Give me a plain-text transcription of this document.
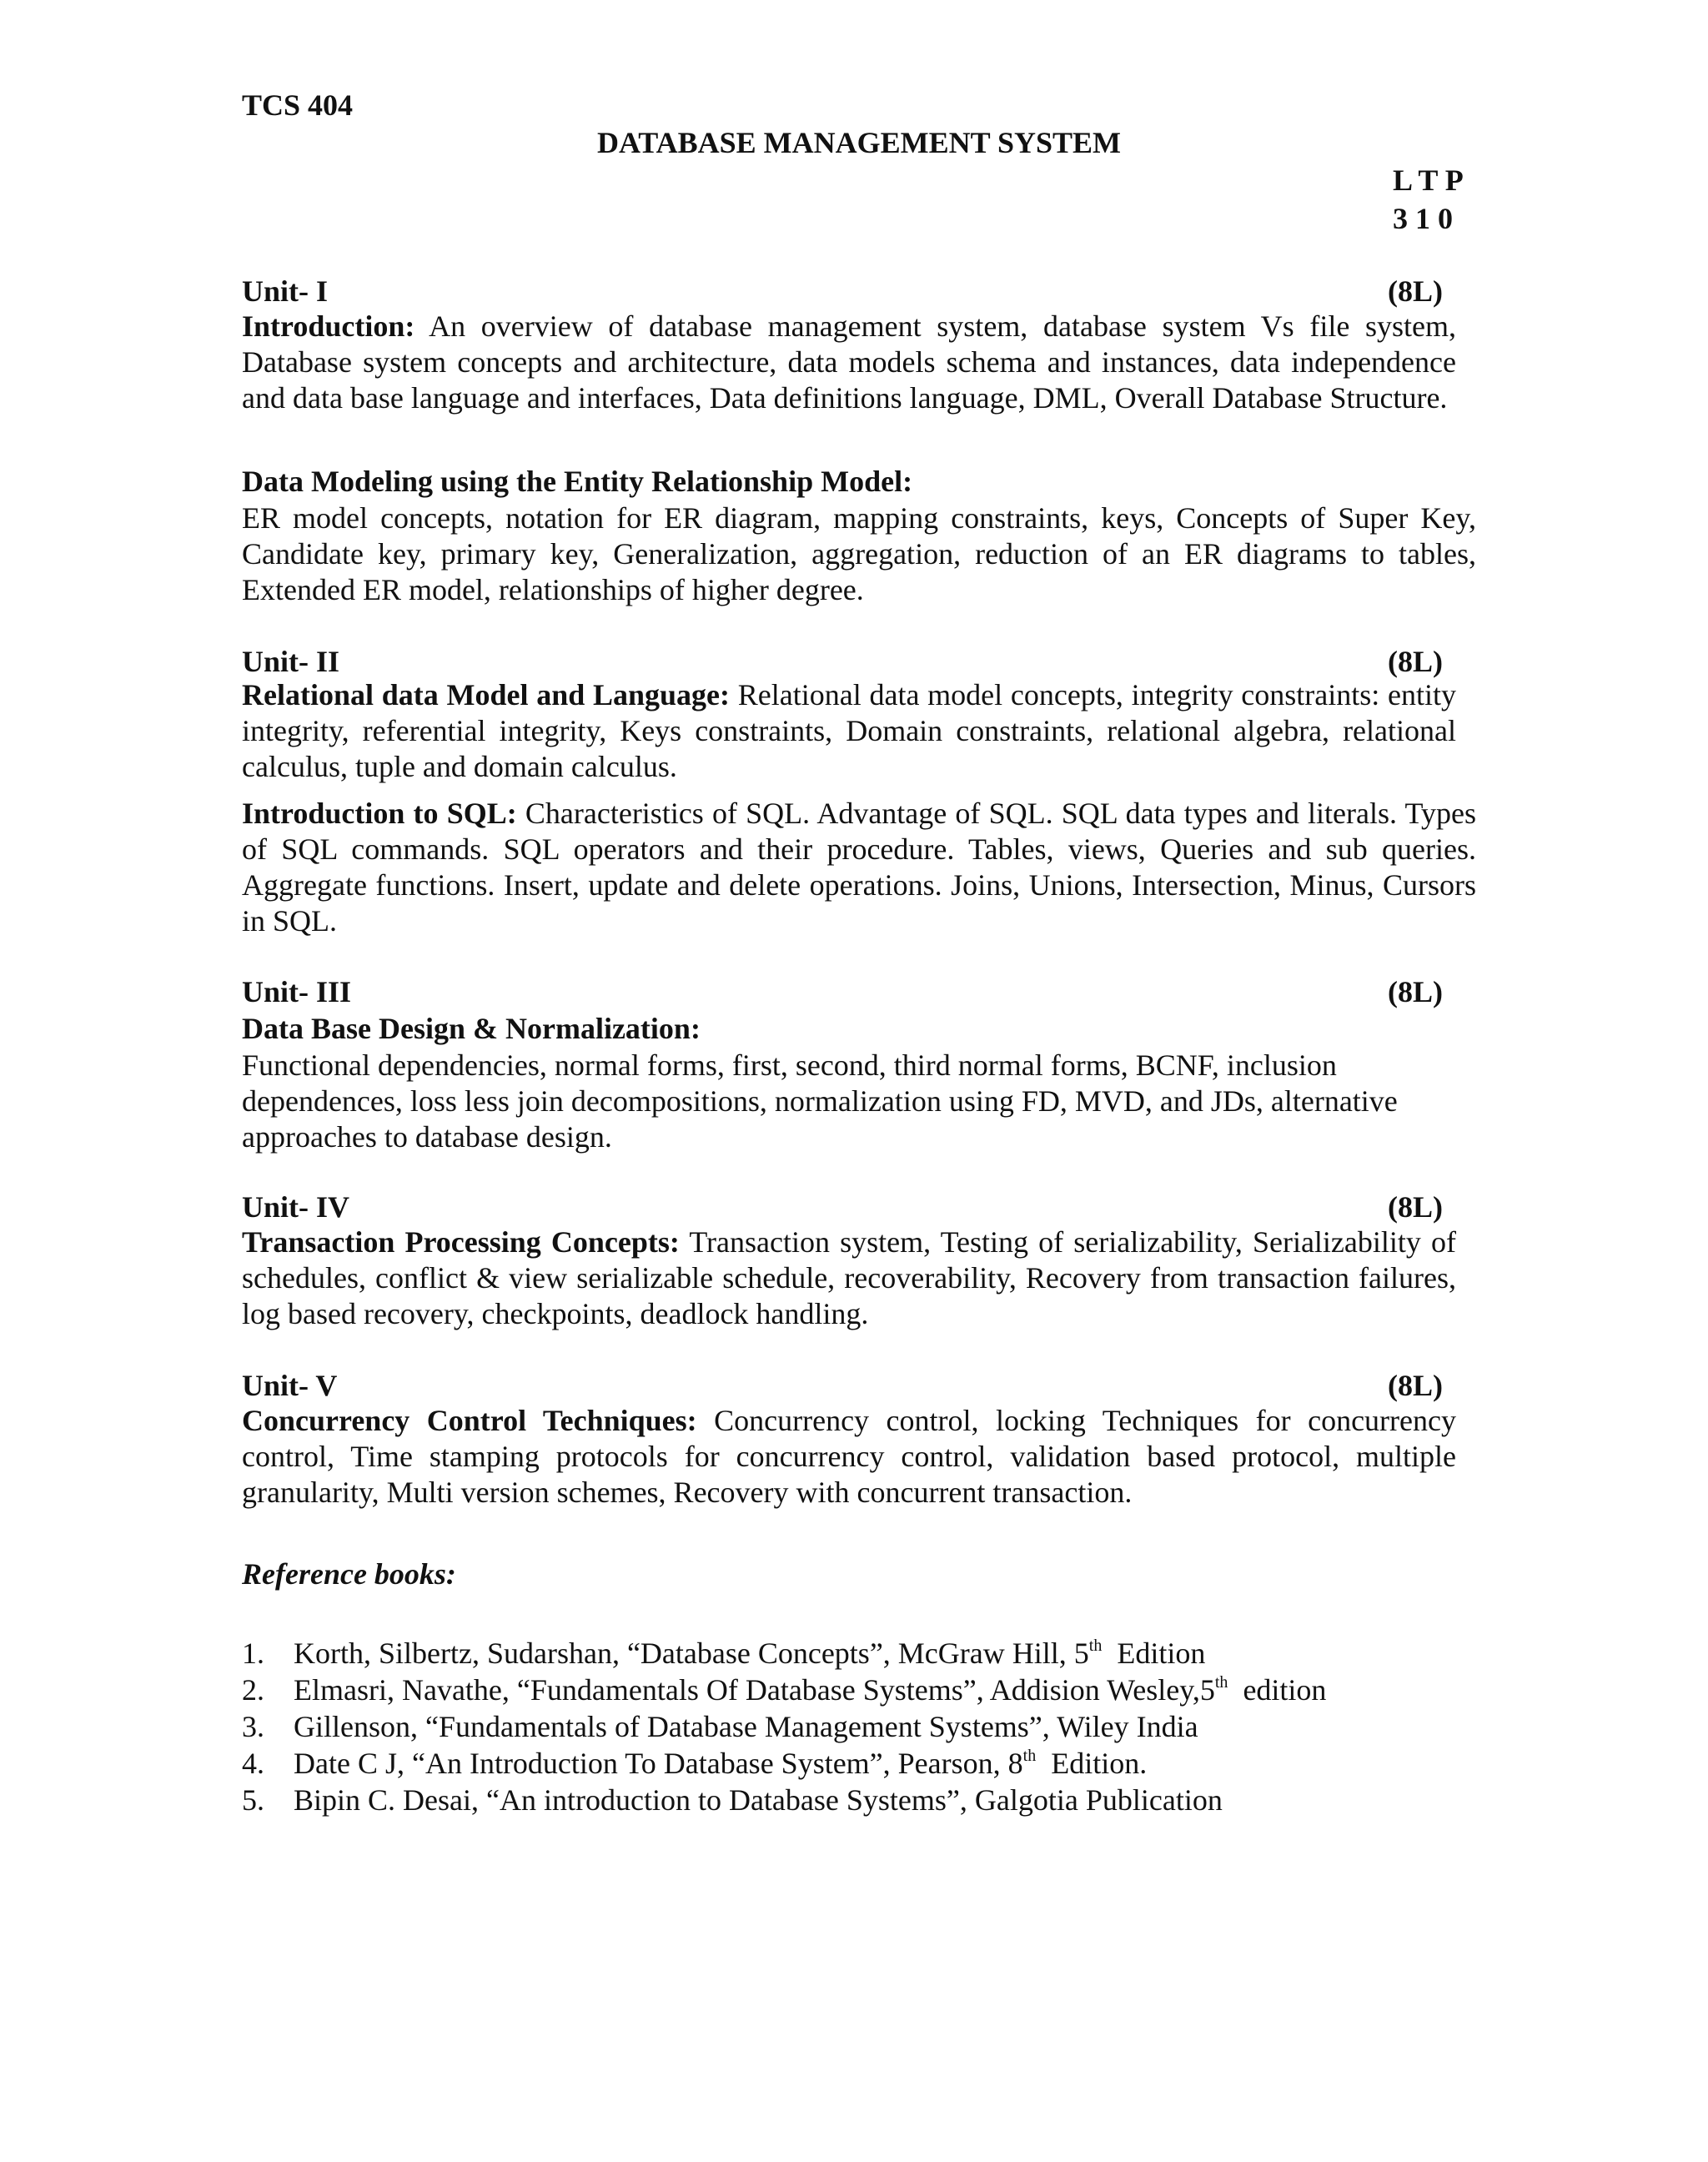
TCS 404
DATABASE MANAGEMENT SYSTEM
L T P
3 1 0
Unit- I	(8L)
Introduction: An overview of database management system, database system Vs file system, Database system concepts and architecture, data models schema and instances, data independence and data base language and interfaces, Data definitions language, DML, Overall Database Structure.
Data Modeling using the Entity Relationship Model:
ER model concepts, notation for ER diagram, mapping constraints, keys, Concepts of Super Key, Candidate key, primary key, Generalization, aggregation, reduction of an ER diagrams to tables, Extended ER model, relationships of higher degree.
Unit- II	(8L)
Relational data Model and Language: Relational data model concepts, integrity constraints: entity integrity, referential integrity, Keys constraints, Domain constraints, relational algebra, relational calculus, tuple and domain calculus.
Introduction to SQL: Characteristics of SQL. Advantage of SQL. SQL data types and literals. Types of SQL commands. SQL operators and their procedure. Tables, views, Queries and sub queries. Aggregate functions. Insert, update and delete operations. Joins, Unions, Intersection, Minus, Cursors in SQL.
Unit- III	(8L)
Data Base Design & Normalization:
Functional dependencies, normal forms, first, second, third normal forms, BCNF, inclusion dependences, loss less join decompositions, normalization using FD, MVD, and JDs, alternative approaches to database design.
Unit- IV	(8L)
Transaction Processing Concepts: Transaction system, Testing of serializability, Serializability of schedules, conflict & view serializable schedule, recoverability, Recovery from transaction failures, log based recovery, checkpoints, deadlock handling.
Unit- V	(8L)
Concurrency Control Techniques: Concurrency control, locking Techniques for concurrency control, Time stamping protocols for concurrency control, validation based protocol, multiple granularity, Multi version schemes, Recovery with concurrent transaction.
Reference books:
1. Korth, Silbertz, Sudarshan, “Database Concepts”, McGraw Hill, 5th  Edition
2. Elmasri, Navathe, “Fundamentals Of Database Systems”, Addision Wesley,5th  edition
3. Gillenson, “Fundamentals of Database Management Systems”, Wiley India
4. Date C J, “An Introduction To Database System”, Pearson, 8th  Edition.
5. Bipin C. Desai, “An introduction to Database Systems”, Galgotia Publication
